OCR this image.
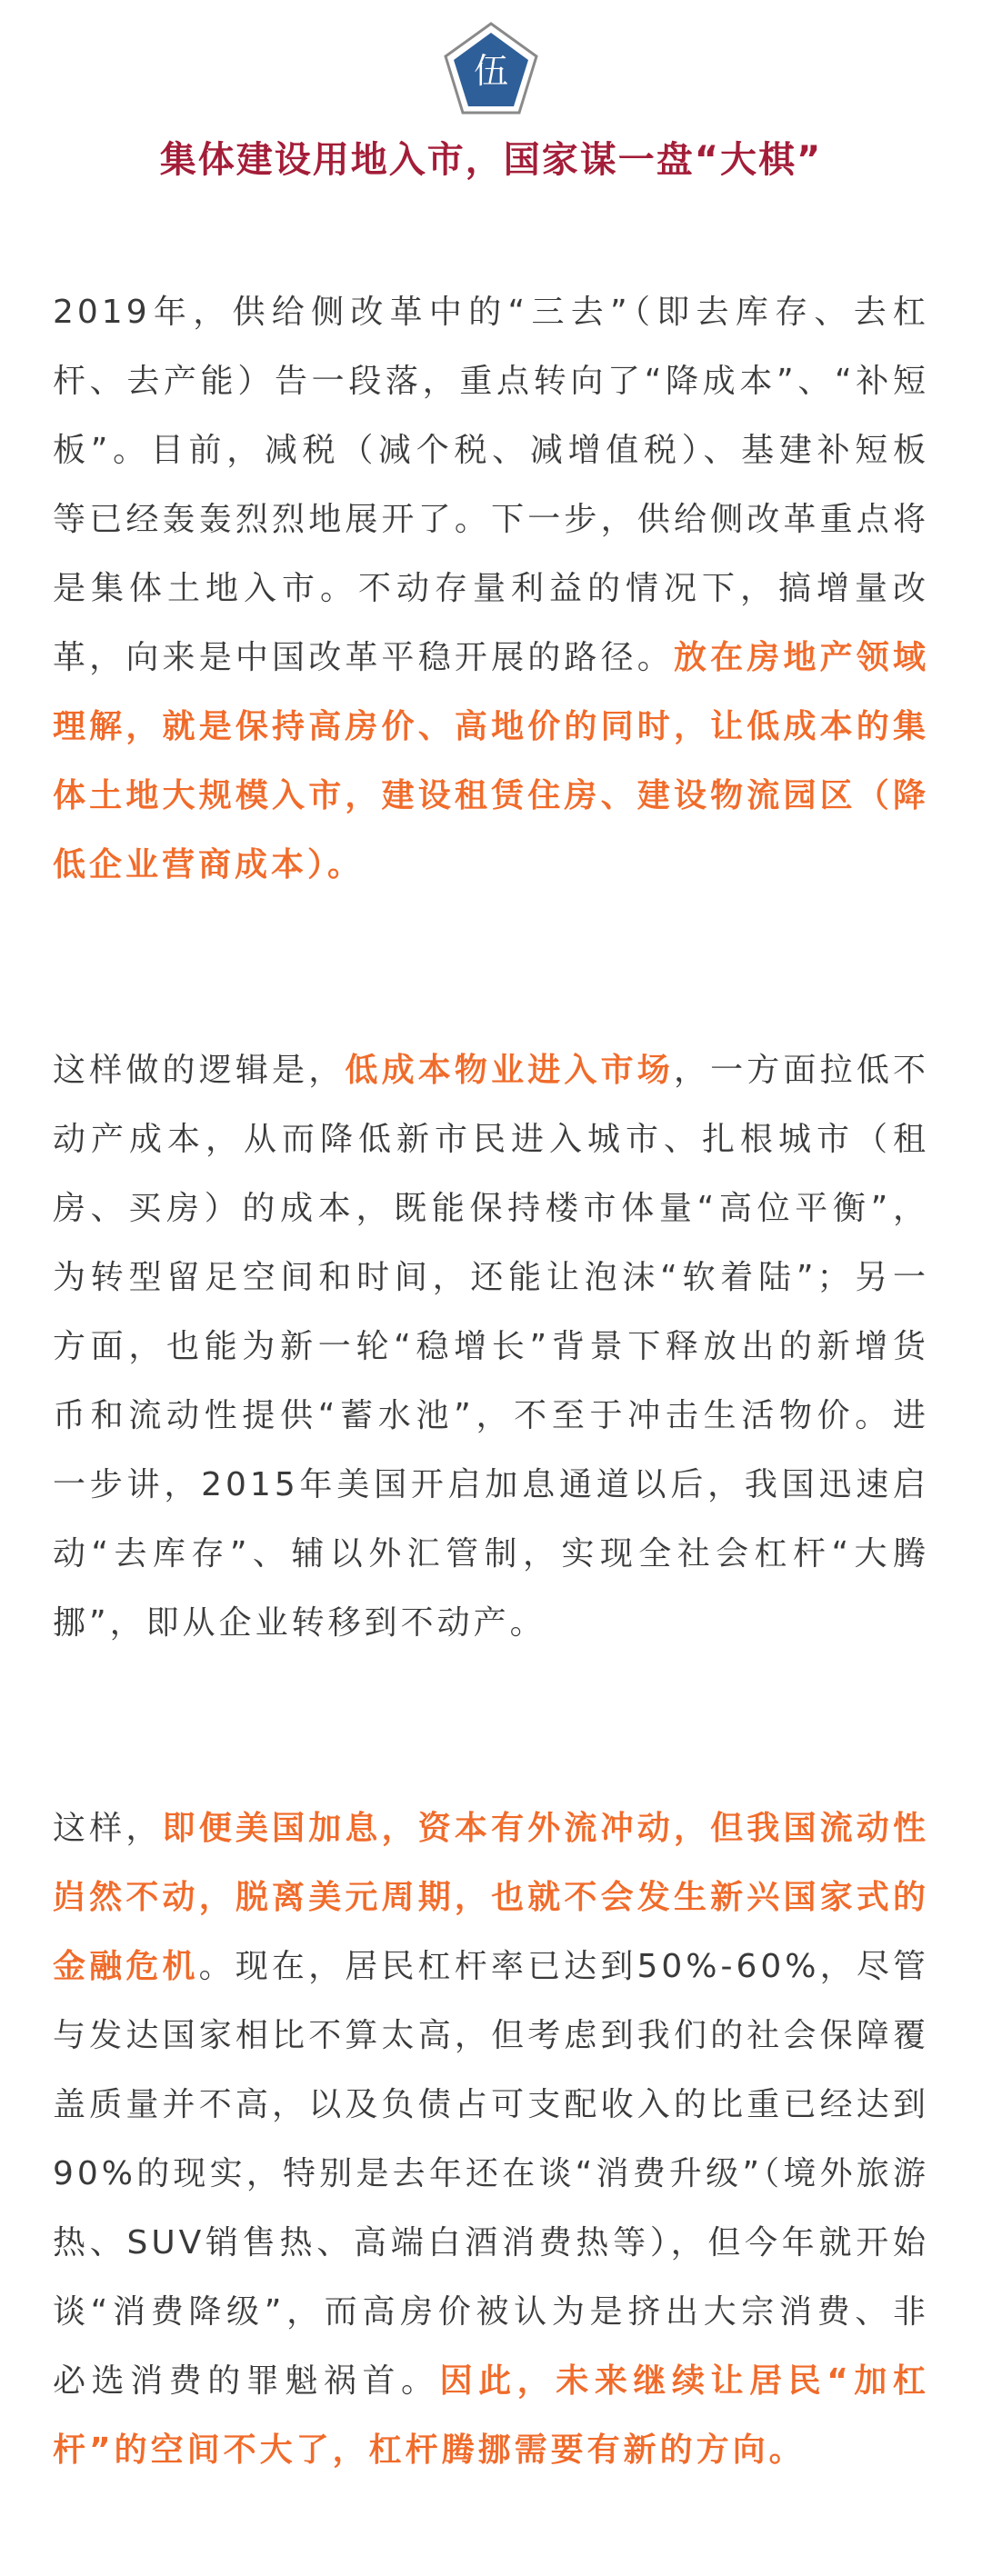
伍
集体建设用地入市，国家谋一盘“大棋”

2019年，供给侧改革中的“三去”（即去库存、去杠杆、去产能）告一段落，重点转向了“降成本”、“补短板”。目前，减税（减个税、减增值税）、基建补短板等已经轰轰烈烈地展开了。下一步，供给侧改革重点将是集体土地入市。不动存量利益的情况下，搞增量改革，向来是中国改革平稳开展的路径。放在房地产领域理解，就是保持高房价、高地价的同时，让低成本的集体土地大规模入市，建设租赁住房、建设物流园区（降低企业营商成本）。

这样做的逻辑是，低成本物业进入市场，一方面拉低不动产成本，从而降低新市民进入城市、扎根城市（租房、买房）的成本，既能保持楼市体量“高位平衡”，为转型留足空间和时间，还能让泡沫“软着陆”；另一方面，也能为新一轮“稳增长”背景下释放出的新增货币和流动性提供“蓄水池”，不至于冲击生活物价。进一步讲，2015年美国开启加息通道以后，我国迅速启动“去库存”、辅以外汇管制，实现全社会杠杆“大腾挪”，即从企业转移到不动产。

这样，即便美国加息，资本有外流冲动，但我国流动性岿然不动，脱离美元周期，也就不会发生新兴国家式的金融危机。现在，居民杠杆率已达到50%-60%，尽管与发达国家相比不算太高，但考虑到我们的社会保障覆盖质量并不高，以及负债占可支配收入的比重已经达到90%的现实，特别是去年还在谈“消费升级”（境外旅游热、SUV销售热、高端白酒消费热等），但今年就开始谈“消费降级”，而高房价被认为是挤出大宗消费、非必选消费的罪魁祸首。因此，未来继续让居民“加杠杆”的空间不大了，杠杆腾挪需要有新的方向。
